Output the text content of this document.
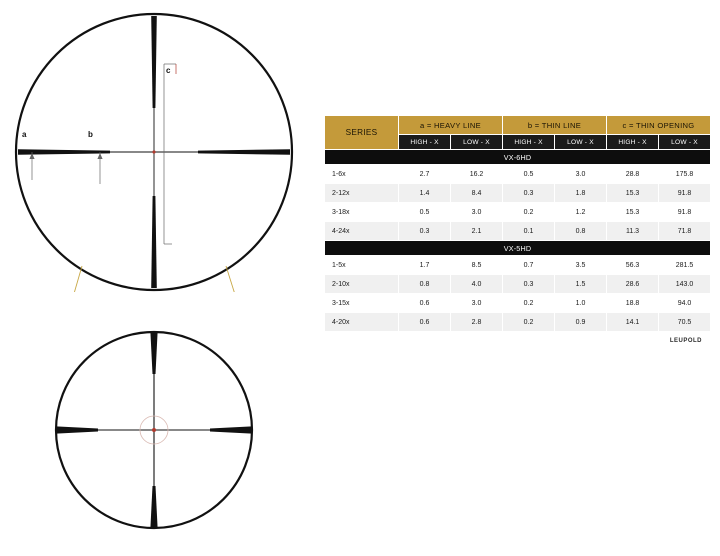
a	b
c
SERIES	a = HEAVY LINE		b = THIN LINE		c = THIN OPENING	
	HIGH - X	LOW - X	HIGH - X	LOW - X	HIGH - X	LOW - X
VX-6HD						
1-6x	2.7	16.2	0.5	3.0	28.8	175.8
2-12x	1.4	8.4	0.3	1.8	15.3	91.8
3-18x	0.5	3.0	0.2	1.2	15.3	91.8
4-24x	0.3	2.1	0.1	0.8	11.3	71.8
VX-5HD						
1-5x	1.7	8.5	0.7	3.5	56.3	281.5
2-10x	0.8	4.0	0.3	1.5	28.6	143.0
3-15x	0.6	3.0	0.2	1.0	18.8	94.0
4-20x	0.6	2.8	0.2	0.9	14.1	70.5
LEUPOLD
